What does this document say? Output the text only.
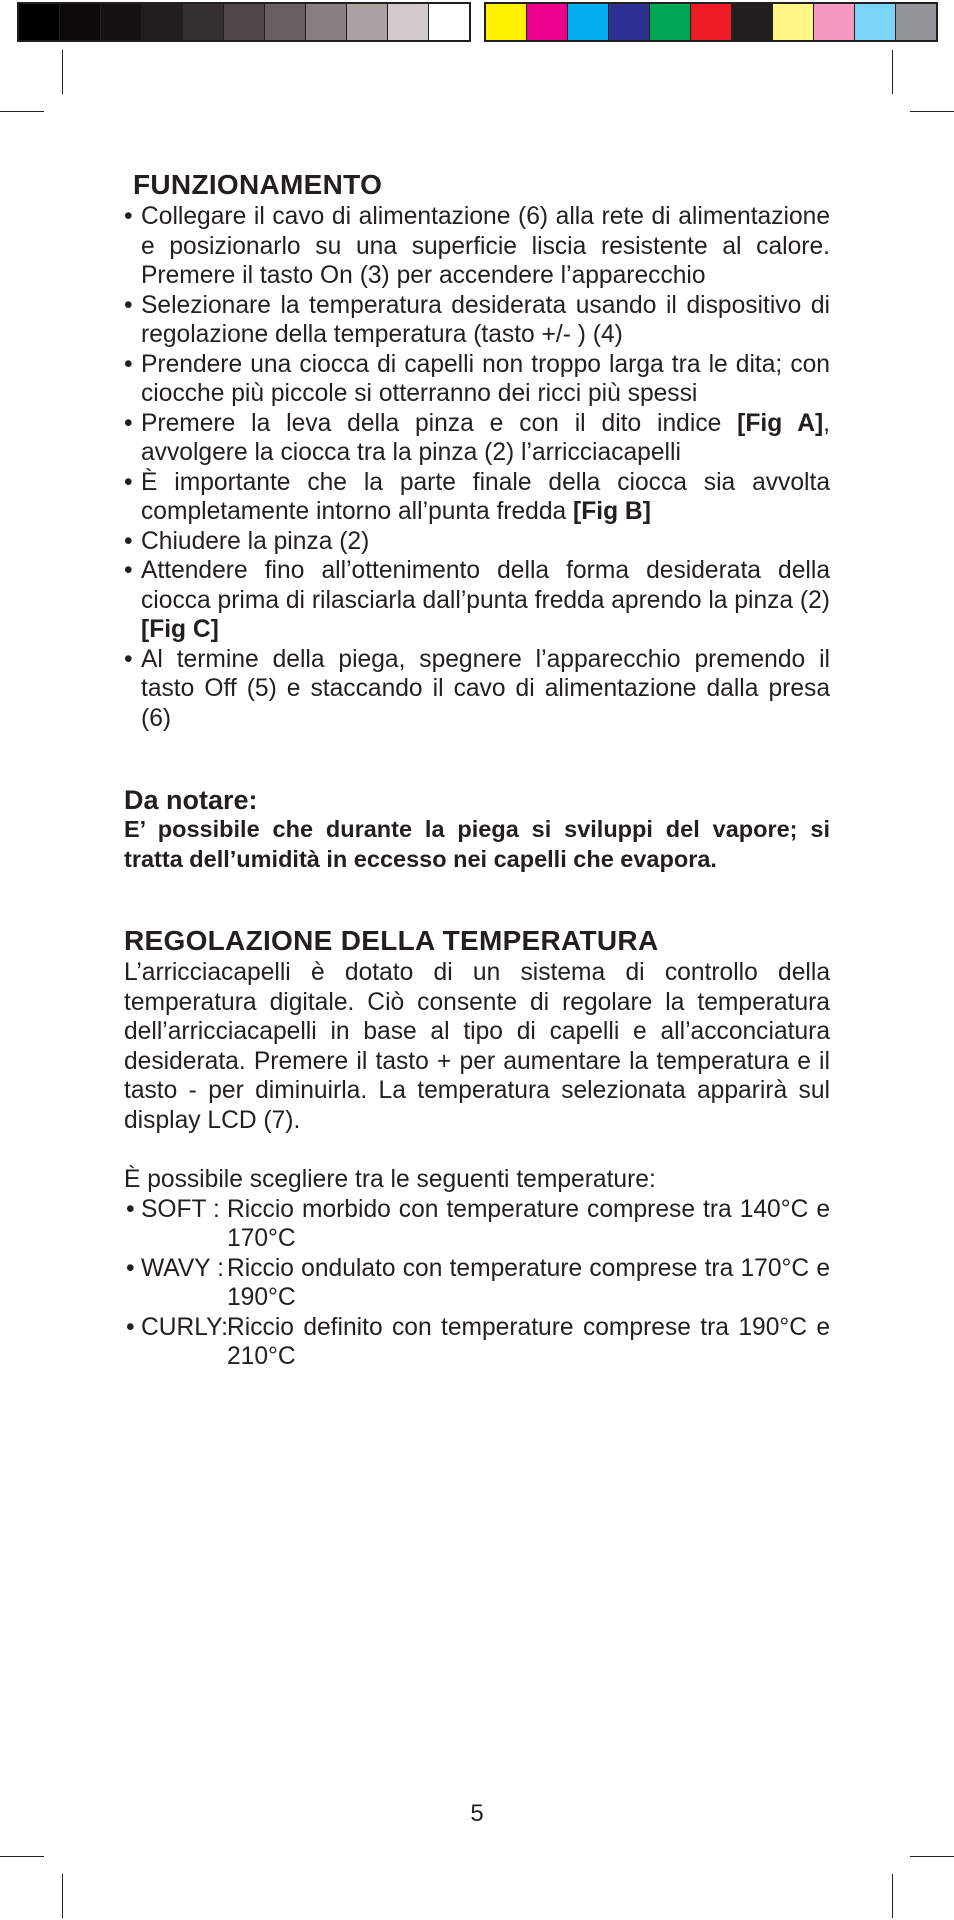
FUNZIONAMENTO
• Collegare il cavo di alimentazione (6) alla rete di alimentazione e posizionarlo su una superficie liscia resistente al calore. Premere il tasto On (3) per accendere l’apparecchio
• Selezionare la temperatura desiderata usando il dispositivo di regolazione della temperatura (tasto +/- ) (4)
• Prendere una ciocca di capelli non troppo larga tra le dita; con ciocche più piccole si otterranno dei ricci più spessi
• Premere la leva della pinza e con il dito indice [Fig A], avvolgere la ciocca tra la pinza (2) l’arricciacapelli
• È importante che la parte finale della ciocca sia avvolta completamente intorno all’punta fredda [Fig B]
• Chiudere la pinza (2)
• Attendere fino all’ottenimento della forma desiderata della ciocca prima di rilasciarla dall’punta fredda aprendo la pinza (2) [Fig C]
• Al termine della piega, spegnere l’apparecchio premendo il tasto Off (5) e staccando il cavo di alimentazione dalla presa (6)
Da notare:

E’ possibile che durante la piega si sviluppi del vapore; si tratta dell’umidità in eccesso nei capelli che evapora.

REGOLAZIONE DELLA TEMPERATURA

L’arricciacapelli è dotato di un sistema di controllo della temperatura digitale. Ciò consente di regolare la temperatura dell’arricciacapelli in base al tipo di capelli e all’acconciatura desiderata. Premere il tasto + per aumentare la temperatura e il tasto - per diminuirla. La temperatura selezionata apparirà sul display LCD (7).

È possibile scegliere tra le seguenti temperature:

• SOFT : Riccio morbido con temperature comprese tra 140°C e 170°C
• WAVY : Riccio ondulato con temperature comprese tra 170°C e 190°C
• CURLY:
Riccio definito con temperature comprese tra 190°C e 210°C
5
